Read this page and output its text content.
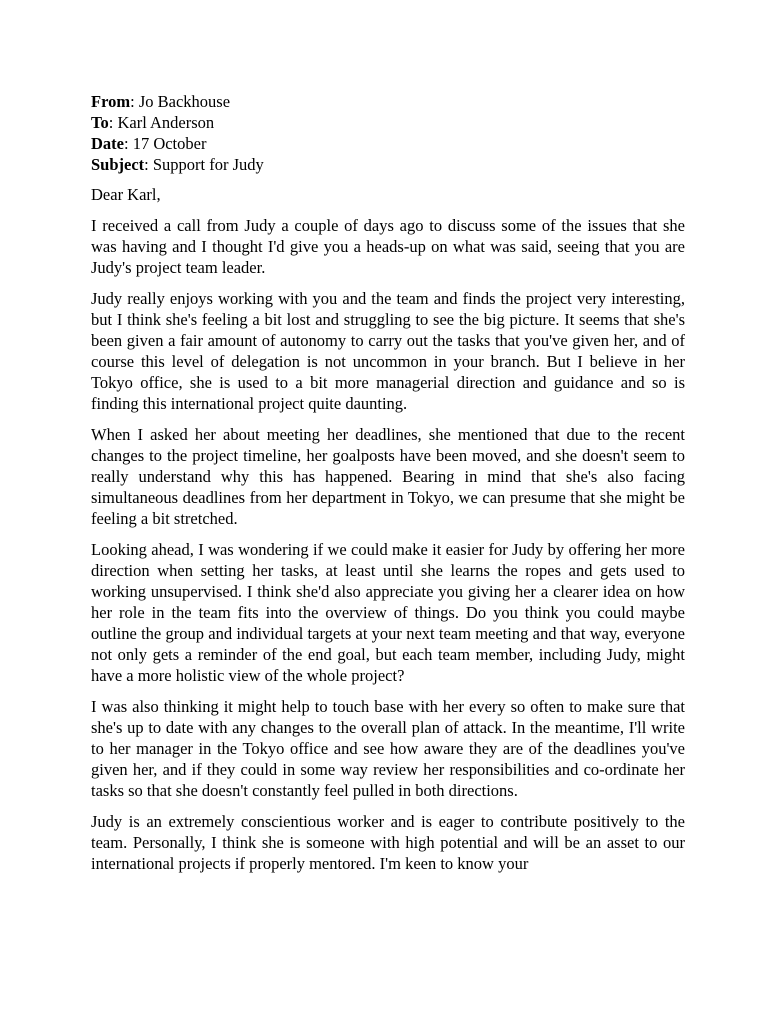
From: Jo Backhouse

To: Karl Anderson

Date: 17 October

Subject: Support for Judy

Dear Karl,

I received a call from Judy a couple of days ago to discuss some of the issues that she was having and I thought I'd give you a heads-up on what was said, seeing that you are Judy's project team leader.

Judy really enjoys working with you and the team and finds the project very interesting, but I think she's feeling a bit lost and struggling to see the big picture. It seems that she's been given a fair amount of autonomy to carry out the tasks that you've given her, and of course this level of delegation is not uncommon in your branch. But I believe in her Tokyo office, she is used to a bit more managerial direction and guidance and so is finding this international project quite daunting.

When I asked her about meeting her deadlines, she mentioned that due to the recent changes to the project timeline, her goalposts have been moved, and she doesn't seem to really understand why this has happened. Bearing in mind that she's also facing simultaneous deadlines from her department in Tokyo, we can presume that she might be feeling a bit stretched.

Looking ahead, I was wondering if we could make it easier for Judy by offering her more direction when setting her tasks, at least until she learns the ropes and gets used to working unsupervised. I think she'd also appreciate you giving her a clearer idea on how her role in the team fits into the overview of things. Do you think you could maybe outline the group and individual targets at your next team meeting and that way, everyone not only gets a reminder of the end goal, but each team member, including Judy, might have a more holistic view of the whole project?

I was also thinking it might help to touch base with her every so often to make sure that she's up to date with any changes to the overall plan of attack. In the meantime, I'll write to her manager in the Tokyo office and see how aware they are of the deadlines you've given her, and if they could in some way review her responsibilities and co-ordinate her tasks so that she doesn't constantly feel pulled in both directions.

Judy is an extremely conscientious worker and is eager to contribute positively to the team. Personally, I think she is someone with high potential and will be an asset to our international projects if properly mentored. I'm keen to know your
